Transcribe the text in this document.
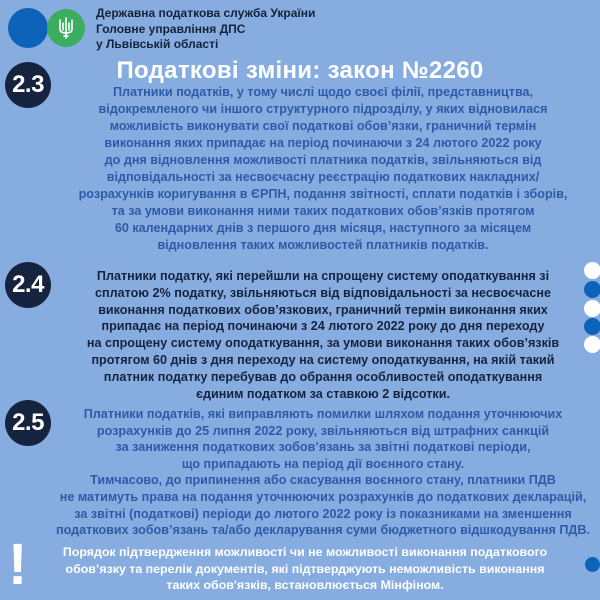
Державна податкова служба України
Головне управління ДПС
у Львівській області
Податкові зміни: закон №2260
2.3	Платники податків, у тому числі щодо своєї філії, представництва,
відокремленого чи іншого структурного підрозділу, у яких відновилася
можливість виконувати свої податкові обов’язки, граничний термін
виконання яких припадає на період починаючи з 24 лютого 2022 року
до дня відновлення можливості платника податків, звільняються від
відповідальності за несвоєчасну реєстрацію податкових накладних/
розрахунків коригування в ЄРПН, подання звітності, сплати податків і зборів,
та за умови виконання ними таких податкових обов’язків протягом
60 календарних днів з першого дня місяця, наступного за місяцем
відновлення таких можливостей платників податків.
2.4	Платники податку, які перейшли на спрощену систему оподаткування зі
сплатою 2% податку, звільняються від відповідальності за несвоєчасне
виконання податкових обов’язкових, граничний термін виконання яких
припадає на період починаючи з 24 лютого 2022 року до дня переходу
на спрощену систему оподаткування, за умови виконання таких обов’язків
протягом 60 днів з дня переходу на систему оподаткування, на якій такий
платник податку перебував до обрання особливостей оподаткування
єдиним податком за ставкою 2 відсотки.
2.5	Платники податків, які виправляють помилки шляхом подання уточнюючих
розрахунків до 25 липня 2022 року, звільняються від штрафних санкцій
за заниження податкових зобов’язань за звітні податкові періоди,
що припадають на період дії воєнного стану.
Тимчасово, до припинення або скасування воєнного стану, платники ПДВ
не матимуть права на подання уточнюючих розрахунків до податкових декларацій,
за звітні (податкові) періоди до лютого 2022 року із показниками на зменшення
податкових зобов’язань та/або декларування суми бюджетного відшкодування ПДВ.
!	Порядок підтвердження можливості чи не можливості виконання податкового
обов’язку та перелік документів, які підтверджують неможливість виконання
таких обов'язків, встановлюється Мінфіном.
